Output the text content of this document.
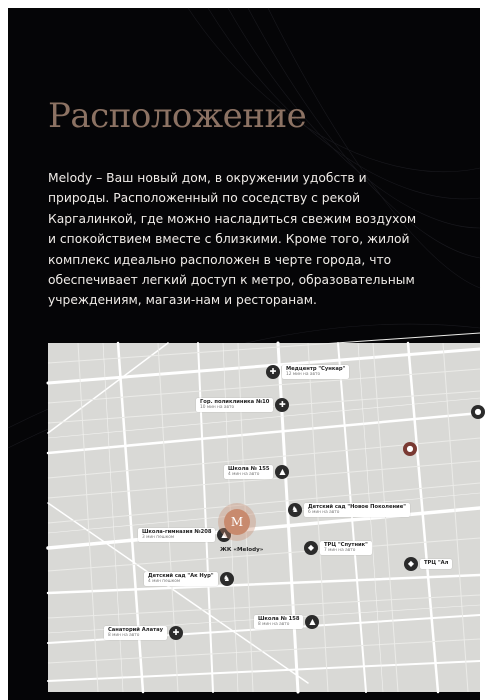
Расположение

Melody – Ваш новый дом, в окружении удобств и природы. Расположенный по соседству с рекой Каргалинкой, где можно насладиться свежим воздухом и спокойствием вместе с близкими. Кроме того, жилой комплекс идеально расположен в черте города, что обеспечивает легкий доступ к метро, образовательным учреждениям, магази-нам и ресторанам.

✚	Медцентр "Сункар"
12 мин на авто
Гор. поликлиника №10
10 мин на авто	✚
Школа № 155
4 мин на авто	▲
♞	Детский сад "Новое Поколение"
6 мин на авто
Школа-гимназия №208
3 мин пешком	▲
◆	ТРЦ "Спутник"
7 мин на авто
Детский сад "Ак Нур"
4 мин пешком	♞
◆	ТРЦ "Ал
Санаторий Алатау
8 мин на авто	✚
Школа № 158
8 мин на авто	▲
●
●
M
ЖК «Melody»
